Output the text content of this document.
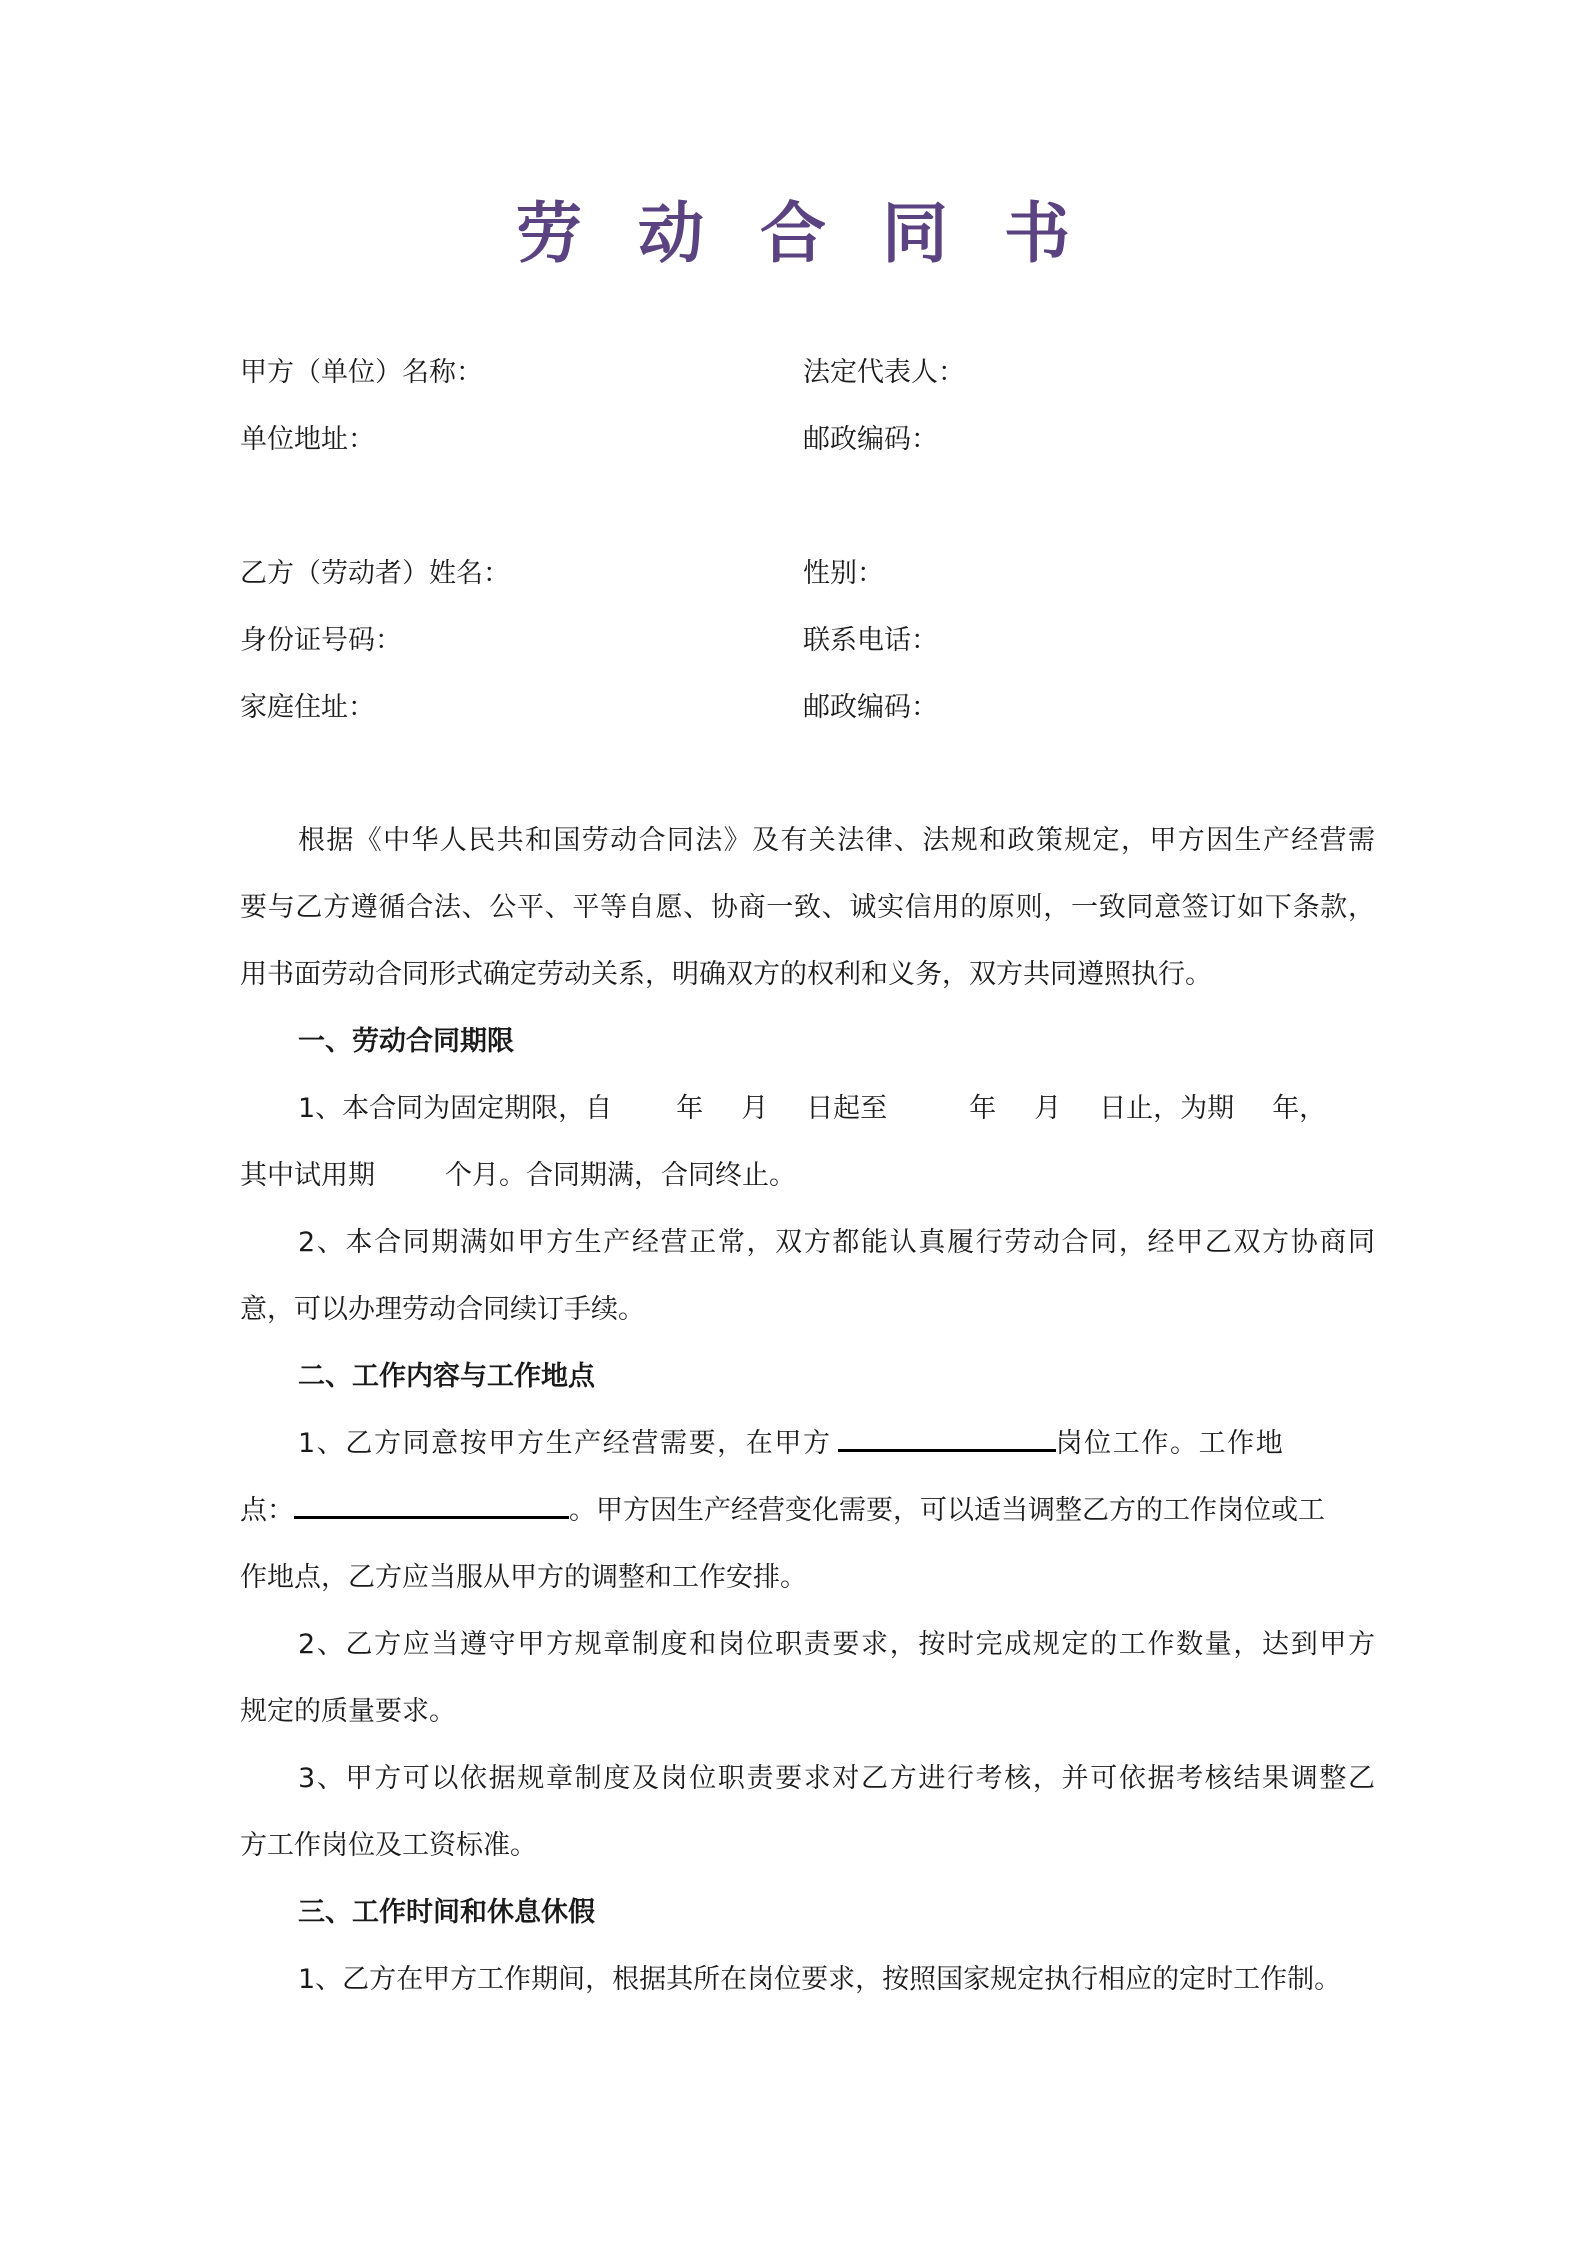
劳 动 合 同 书
甲方（单位）名称：	法定代表人：
单位地址：	邮政编码：
乙方（劳动者）姓名：	性别：
身份证号码：	联系电话：
家庭住址：	邮政编码：
根据《中华人民共和国劳动合同法》及有关法律、法规和政策规定，甲方因生产经营需
要与乙方遵循合法、公平、平等自愿、协商一致、诚实信用的原则，一致同意签订如下条款，
用书面劳动合同形式确定劳动关系，明确双方的权利和义务，双方共同遵照执行。
一、劳动合同期限
1、本合同为固定期限，自 年 月 日起至	年 月 日止，为期 年，
其中试用期	个月。合同期满，合同终止。
2、本合同期满如甲方生产经营正常，双方都能认真履行劳动合同，经甲乙双方协商同
意，可以办理劳动合同续订手续。
二、工作内容与工作地点
1、乙方同意按甲方生产经营需要，在甲方	岗位工作。工作地
点：	。甲方因生产经营变化需要，可以适当调整乙方的工作岗位或工
作地点，乙方应当服从甲方的调整和工作安排。
2、乙方应当遵守甲方规章制度和岗位职责要求，按时完成规定的工作数量，达到甲方
规定的质量要求。
3、甲方可以依据规章制度及岗位职责要求对乙方进行考核，并可依据考核结果调整乙
方工作岗位及工资标准。
三、工作时间和休息休假
1、乙方在甲方工作期间，根据其所在岗位要求，按照国家规定执行相应的定时工作制。
